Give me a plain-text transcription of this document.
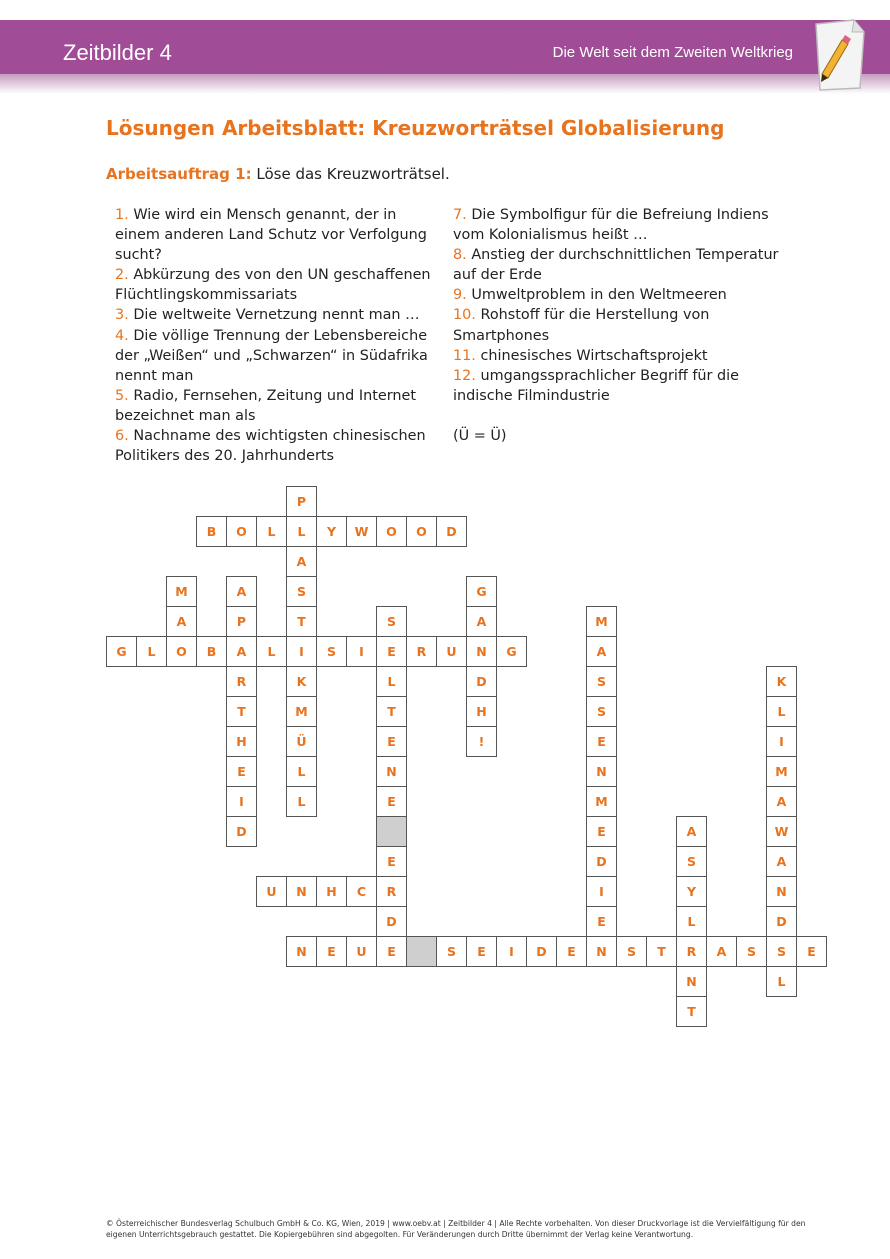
Zeitbilder 4	Die Welt seit dem Zweiten Weltkrieg
Lösungen Arbeitsblatt: Kreuzworträtsel Globalisierung
Arbeitsauftrag 1: Löse das Kreuzworträtsel.

1. Wie wird ein Mensch genannt, der in einem anderen Land Schutz vor Verfolgung sucht?

2. Abkürzung des von den UN geschaffenen Flüchtlingskommissariats

3. Die weltweite Vernetzung nennt man …

4. Die völlige Trennung der Lebensbereiche der „Weißen“ und „Schwarzen“ in Südafrika nennt man

5. Radio, Fernsehen, Zeitung und Internet bezeichnet man als

6. Nachname des wichtigsten chinesischen Politikers des 20. Jahrhunderts

7. Die Symbolfigur für die Befreiung Indiens vom Kolonialismus heißt …

8. Anstieg der durchschnittlichen Temperatur auf der Erde

9. Umweltproblem in den Weltmeeren

10. Rohstoff für die Herstellung von Smartphones

11. chinesisches Wirtschaftsprojekt

12. umgangssprachlicher Begriff für die indische Filmindustrie

(Ü = Ü)

P
B	O	L	L	Y	W	O	O	D
A
M	A	S	G
A	P	T	S	A	M
G	L	O	B	A	L	I	S	I	E	R	U	N	G	A
R	K	L	D	S	K
T	M	T	H	S	L
H	Ü	E	!	E	I
E	L	N	N	M
I	L	E	M	A
D	E	A	W
E	D	S	A
U	N	H	C	R	I	Y	N
D	E	L	D
N	E	U	E	S	E	I	D	E	N	S	T	R	A	S	S	E
N	L
T
© Österreichischer Bundesverlag Schulbuch GmbH & Co. KG, Wien, 2019 | www.oebv.at | Zeitbilder 4 | Alle Rechte vorbehalten. Von dieser Druckvorlage ist die Vervielfältigung für den eigenen Unterrichtsgebrauch gestattet. Die Kopiergebühren sind abgegolten. Für Veränderungen durch Dritte übernimmt der Verlag keine Verantwortung.
